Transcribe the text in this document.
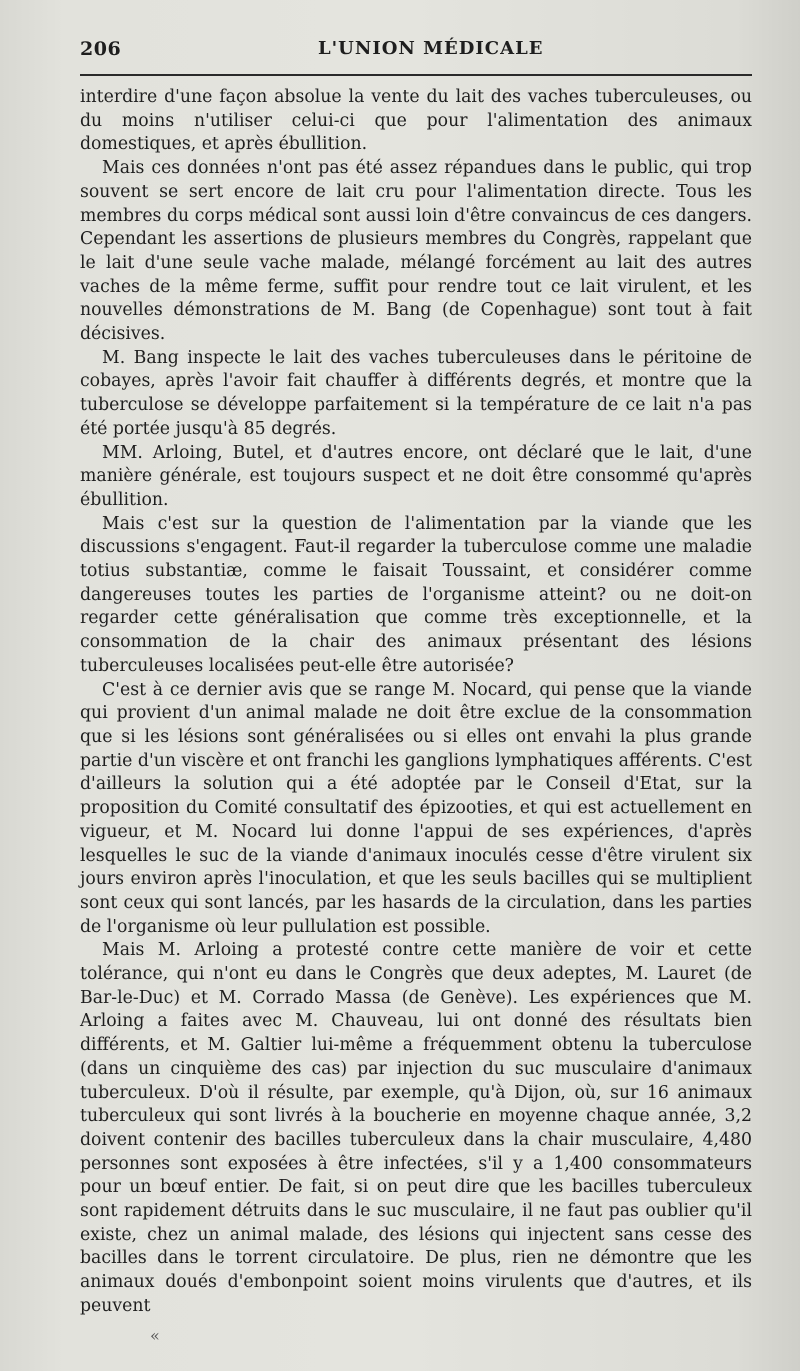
206	L'UNION MÉDICALE

interdire d'une façon absolue la vente du lait des vaches tuberculeuses, ou du moins n'utiliser celui-ci que pour l'alimentation des animaux domestiques, et après ébullition.

Mais ces données n'ont pas été assez répandues dans le public, qui trop souvent se sert encore de lait cru pour l'alimentation directe. Tous les membres du corps médical sont aussi loin d'être convaincus de ces dangers. Cependant les assertions de plusieurs membres du Congrès, rappelant que le lait d'une seule vache malade, mélangé forcément au lait des autres vaches de la même ferme, suffit pour rendre tout ce lait virulent, et les nouvelles démonstrations de M. Bang (de Copenhague) sont tout à fait décisives.

M. Bang inspecte le lait des vaches tuberculeuses dans le péritoine de cobayes, après l'avoir fait chauffer à différents degrés, et montre que la tuberculose se développe parfaitement si la température de ce lait n'a pas été portée jusqu'à 85 degrés.

MM. Arloing, Butel, et d'autres encore, ont déclaré que le lait, d'une manière générale, est toujours suspect et ne doit être consommé qu'après ébullition.

Mais c'est sur la question de l'alimentation par la viande que les discussions s'engagent. Faut-il regarder la tuberculose comme une maladie totius substantiæ, comme le faisait Toussaint, et considérer comme dangereuses toutes les parties de l'organisme atteint? ou ne doit-on regarder cette généralisation que comme très exceptionnelle, et la consommation de la chair des animaux présentant des lésions tuberculeuses localisées peut-elle être autorisée?

C'est à ce dernier avis que se range M. Nocard, qui pense que la viande qui provient d'un animal malade ne doit être exclue de la consommation que si les lésions sont généralisées ou si elles ont envahi la plus grande partie d'un viscère et ont franchi les ganglions lymphatiques afférents. C'est d'ailleurs la solution qui a été adoptée par le Conseil d'Etat, sur la proposition du Comité consultatif des épizooties, et qui est actuellement en vigueur, et M. Nocard lui donne l'appui de ses expériences, d'après lesquelles le suc de la viande d'animaux inoculés cesse d'être virulent six jours environ après l'inoculation, et que les seuls bacilles qui se multiplient sont ceux qui sont lancés, par les hasards de la circulation, dans les parties de l'organisme où leur pullulation est possible.

Mais M. Arloing a protesté contre cette manière de voir et cette tolérance, qui n'ont eu dans le Congrès que deux adeptes, M. Lauret (de Bar-le-Duc) et M. Corrado Massa (de Genève). Les expériences que M. Arloing a faites avec M. Chauveau, lui ont donné des résultats bien différents, et M. Galtier lui-même a fréquemment obtenu la tuberculose (dans un cinquième des cas) par injection du suc musculaire d'animaux tuberculeux. D'où il résulte, par exemple, qu'à Dijon, où, sur 16 animaux tuberculeux qui sont livrés à la boucherie en moyenne chaque année, 3,2 doivent contenir des bacilles tuberculeux dans la chair musculaire, 4,480 personnes sont exposées à être infectées, s'il y a 1,400 consommateurs pour un bœuf entier. De fait, si on peut dire que les bacilles tuberculeux sont rapidement détruits dans le suc musculaire, il ne faut pas oublier qu'il existe, chez un animal malade, des lésions qui injectent sans cesse des bacilles dans le torrent circulatoire. De plus, rien ne démontre que les animaux doués d'embonpoint soient moins virulents que d'autres, et ils peuvent

«
